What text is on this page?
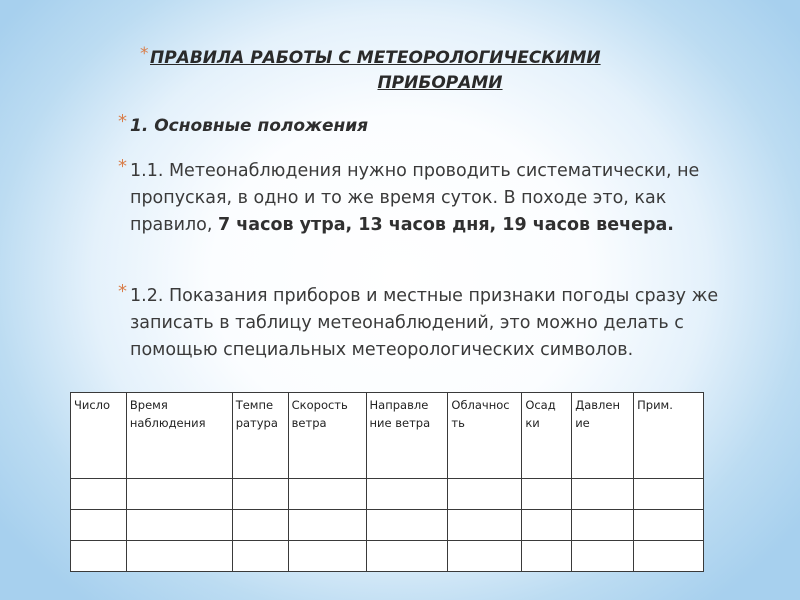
* ПРАВИЛА РАБОТЫ С МЕТЕОРОЛОГИЧЕСКИМИ
ПРИБОРАМИ
* 1. Основные положения
* 1.1. Метеонаблюдения нужно проводить систематически, не пропуская, в одно и то же время суток. В походе это, как правило, 7 часов утра, 13 часов дня, 19 часов вечера.
* 1.2. Показания приборов и местные признаки погоды сразу же записать в таблицу метеонаблюдений, это можно делать с помощью специальных метеорологических символов.
Число	Время наблюдения	Темпе ратура	Скорость ветра	Направле ние ветра	Облачнос ть	Осад ки	Давлен ие	Прим.
